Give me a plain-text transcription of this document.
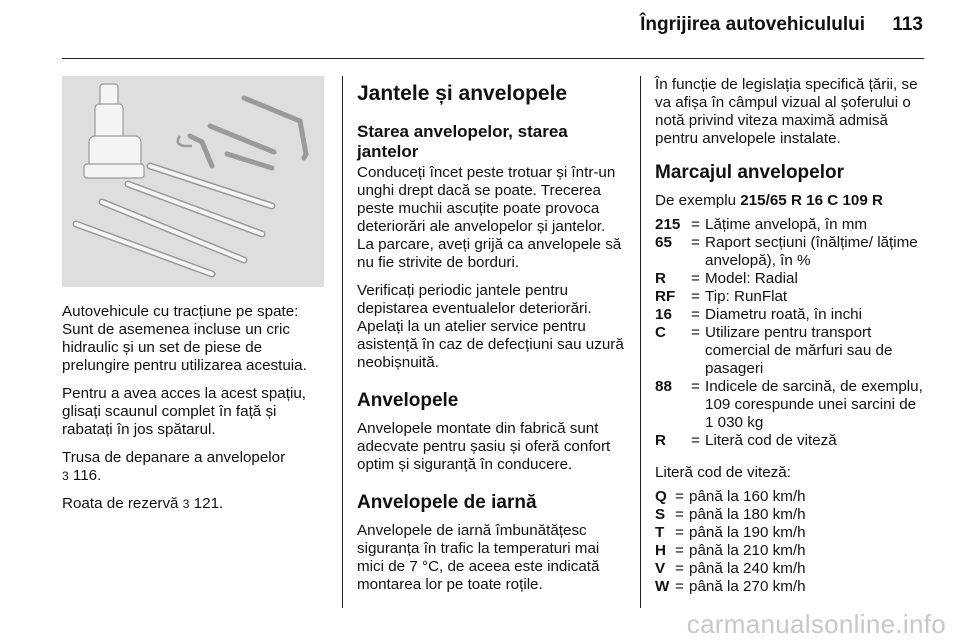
Îngrijirea autovehiculului 113

Autovehicule cu tracțiune pe spate: Sunt de asemenea incluse un cric hidraulic și un set de piese de prelungire pentru utilizarea acestuia.

Pentru a avea acces la acest spațiu, glisați scaunul complet în față și rabatați în jos spătarul.

Trusa de depanare a anvelopelor
3 116.

Roata de rezervă 3 121.

Jantele și anvelopele
Starea anvelopelor, starea jantelor

Conduceți încet peste trotuar și într-un unghi drept dacă se poate. Trecerea peste muchii ascuțite poate provoca deteriorări ale anvelopelor și jantelor. La parcare, aveți grijă ca anvelopele să nu fie strivite de borduri.

Verificați periodic jantele pentru depistarea eventualelor deteriorări. Apelați la un atelier service pentru asistență în caz de defecțiuni sau uzură neobișnuită.

Anvelopele

Anvelopele montate din fabrică sunt adecvate pentru șasiu și oferă confort optim și siguranță în conducere.

Anvelopele de iarnă

Anvelopele de iarnă îmbunătățesc siguranța în trafic la temperaturi mai mici de 7 °C, de aceea este indicată montarea lor pe toate roțile.

În funcție de legislația specifică țării, se va afișa în câmpul vizual al șoferului o notă privind viteza maximă admisă pentru anvelopele instalate.

Marcajul anvelopelor
De exemplu 215/65 R 16 C 109 R
215 = Lățime anvelopă, în mm
65	= Raport secțiuni (înălțime/ lățime anvelopă), în %
R	= Model: Radial
RF	= Tip: RunFlat
16	= Diametru roată, în inchi
C	= Utilizare pentru transport comercial de mărfuri sau de pasageri
88	= Indicele de sarcină, de exemplu, 109 corespunde unei sarcini de 1 030 kg
R	= Literă cod de viteză

Literă cod de viteză:

Q = până la 160 km/h
S = până la 180 km/h
T = până la 190 km/h
H = până la 210 km/h
V = până la 240 km/h
W = până la 270 km/h
carmanualsonline.info
